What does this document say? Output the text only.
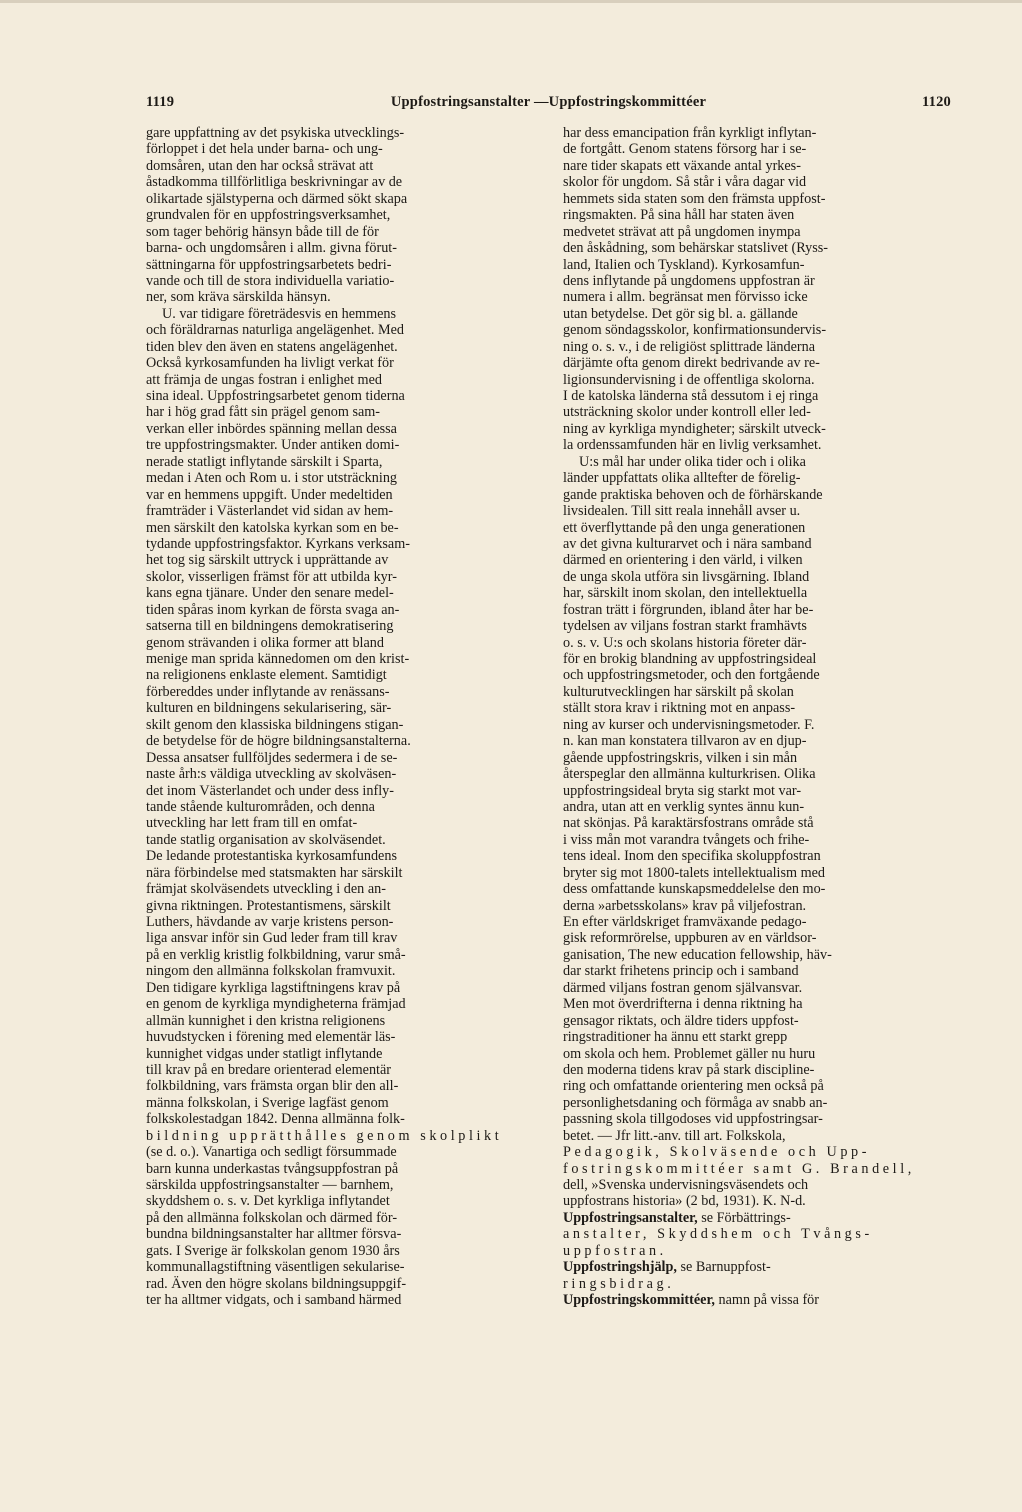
1119	Uppfostringsanstalter —Uppfostringskommittéer	1120
gare uppfattning av det psykiska utvecklings-
förloppet i det hela under barna- och ung-
domsåren, utan den har också strävat att
åstadkomma tillförlitliga beskrivningar av de
olikartade själstyperna och därmed sökt skapa
grundvalen för en uppfostringsverksamhet,
som tager behörig hänsyn både till de för
barna- och ungdomsåren i allm. givna förut-
sättningarna för uppfostringsarbetets bedri-
vande och till de stora individuella variatio-
ner, som kräva särskilda hänsyn.
U. var tidigare företrädesvis en hemmens
och föräldrarnas naturliga angelägenhet. Med
tiden blev den även en statens angelägenhet.
Också kyrkosamfunden ha livligt verkat för
att främja de ungas fostran i enlighet med
sina ideal. Uppfostringsarbetet genom tiderna
har i hög grad fått sin prägel genom sam-
verkan eller inbördes spänning mellan dessa
tre uppfostringsmakter. Under antiken domi-
nerade statligt inflytande särskilt i Sparta,
medan i Aten och Rom u. i stor utsträckning
var en hemmens uppgift. Under medeltiden
framträder i Västerlandet vid sidan av hem-
men särskilt den katolska kyrkan som en be-
tydande uppfostringsfaktor. Kyrkans verksam-
het tog sig särskilt uttryck i upprättande av
skolor, visserligen främst för att utbilda kyr-
kans egna tjänare. Under den senare medel-
tiden spåras inom kyrkan de första svaga an-
satserna till en bildningens demokratisering
genom strävanden i olika former att bland
menige man sprida kännedomen om den krist-
na religionens enklaste element. Samtidigt
förbereddes under inflytande av renässans-
kulturen en bildningens sekularisering, sär-
skilt genom den klassiska bildningens stigan-
de betydelse för de högre bildningsanstalterna.
Dessa ansatser fullföljdes sedermera i de se-
naste årh:s väldiga utveckling av skolväsen-
det inom Västerlandet och under dess infly-
tande stående kulturområden, och denna
utveckling har lett fram till en omfat-
tande statlig organisation av skolväsendet.
De ledande protestantiska kyrkosamfundens
nära förbindelse med statsmakten har särskilt
främjat skolväsendets utveckling i den an-
givna riktningen. Protestantismens, särskilt
Luthers, hävdande av varje kristens person-
liga ansvar inför sin Gud leder fram till krav
på en verklig kristlig folkbildning, varur små-
ningom den allmänna folkskolan framvuxit.
Den tidigare kyrkliga lagstiftningens krav på
en genom de kyrkliga myndigheterna främjad
allmän kunnighet i den kristna religionens
huvudstycken i förening med elementär läs-
kunnighet vidgas under statligt inflytande
till krav på en bredare orienterad elementär
folkbildning, vars främsta organ blir den all-
männa folkskolan, i Sverige lagfäst genom
folkskolestadgan 1842. Denna allmänna folk-
bildning upprätthålles genom skolplikt
(se d. o.). Vanartiga och sedligt försummade
barn kunna underkastas tvångsuppfostran på
särskilda uppfostringsanstalter — barnhem,
skyddshem o. s. v. Det kyrkliga inflytandet
på den allmänna folkskolan och därmed för-
bundna bildningsanstalter har alltmer försva-
gats. I Sverige är folkskolan genom 1930 års
kommunallagstiftning väsentligen sekularise-
rad. Även den högre skolans bildningsuppgif-
ter ha alltmer vidgats, och i samband härmed
har dess emancipation från kyrkligt inflytan-
de fortgått. Genom statens försorg har i se-
nare tider skapats ett växande antal yrkes-
skolor för ungdom. Så står i våra dagar vid
hemmets sida staten som den främsta uppfost-
ringsmakten. På sina håll har staten även
medvetet strävat att på ungdomen inympa
den åskådning, som behärskar statslivet (Ryss-
land, Italien och Tyskland). Kyrkosamfun-
dens inflytande på ungdomens uppfostran är
numera i allm. begränsat men förvisso icke
utan betydelse. Det gör sig bl. a. gällande
genom söndagsskolor, konfirmationsundervis-
ning o. s. v., i de religiöst splittrade länderna
därjämte ofta genom direkt bedrivande av re-
ligionsundervisning i de offentliga skolorna.
I de katolska länderna stå dessutom i ej ringa
utsträckning skolor under kontroll eller led-
ning av kyrkliga myndigheter; särskilt utveck-
la ordenssamfunden här en livlig verksamhet.
U:s mål har under olika tider och i olika
länder uppfattats olika alltefter de förelig-
gande praktiska behoven och de förhärskande
livsidealen. Till sitt reala innehåll avser u.
ett överflyttande på den unga generationen
av det givna kulturarvet och i nära samband
därmed en orientering i den värld, i vilken
de unga skola utföra sin livsgärning. Ibland
har, särskilt inom skolan, den intellektuella
fostran trätt i förgrunden, ibland åter har be-
tydelsen av viljans fostran starkt framhävts
o. s. v. U:s och skolans historia företer där-
för en brokig blandning av uppfostringsideal
och uppfostringsmetoder, och den fortgående
kulturutvecklingen har särskilt på skolan
ställt stora krav i riktning mot en anpass-
ning av kurser och undervisningsmetoder. F.
n. kan man konstatera tillvaron av en djup-
gående uppfostringskris, vilken i sin mån
återspeglar den allmänna kulturkrisen. Olika
uppfostringsideal bryta sig starkt mot var-
andra, utan att en verklig syntes ännu kun-
nat skönjas. På karaktärsfostrans område stå
i viss mån mot varandra tvångets och frihe-
tens ideal. Inom den specifika skoluppfostran
bryter sig mot 1800-talets intellektualism med
dess omfattande kunskapsmeddelelse den mo-
derna »arbetsskolans» krav på viljefostran.
En efter världskriget framväxande pedago-
gisk reformrörelse, uppburen av en världsor-
ganisation, The new education fellowship, häv-
dar starkt frihetens princip och i samband
därmed viljans fostran genom självansvar.
Men mot överdrifterna i denna riktning ha
gensagor riktats, och äldre tiders uppfost-
ringstraditioner ha ännu ett starkt grepp
om skola och hem. Problemet gäller nu huru
den moderna tidens krav på stark discipline-
ring och omfattande orientering men också på
personlighetsdaning och förmåga av snabb an-
passning skola tillgodoses vid uppfostringsar-
betet. — Jfr litt.-anv. till art. Folkskola,
Pedagogik, Skolväsende och Upp-
fostringskommittéer samt G. Brandell,
dell, »Svenska undervisningsväsendets och
uppfostrans historia» (2 bd, 1931). K. N-d.
Uppfostringsanstalter, se Förbättrings-
anstalter, Skyddshem och Tvångs-
uppfostran.
Uppfostringshjälp, se Barnuppfost-
ringsbidrag.
Uppfostringskommittéer, namn på vissa för
